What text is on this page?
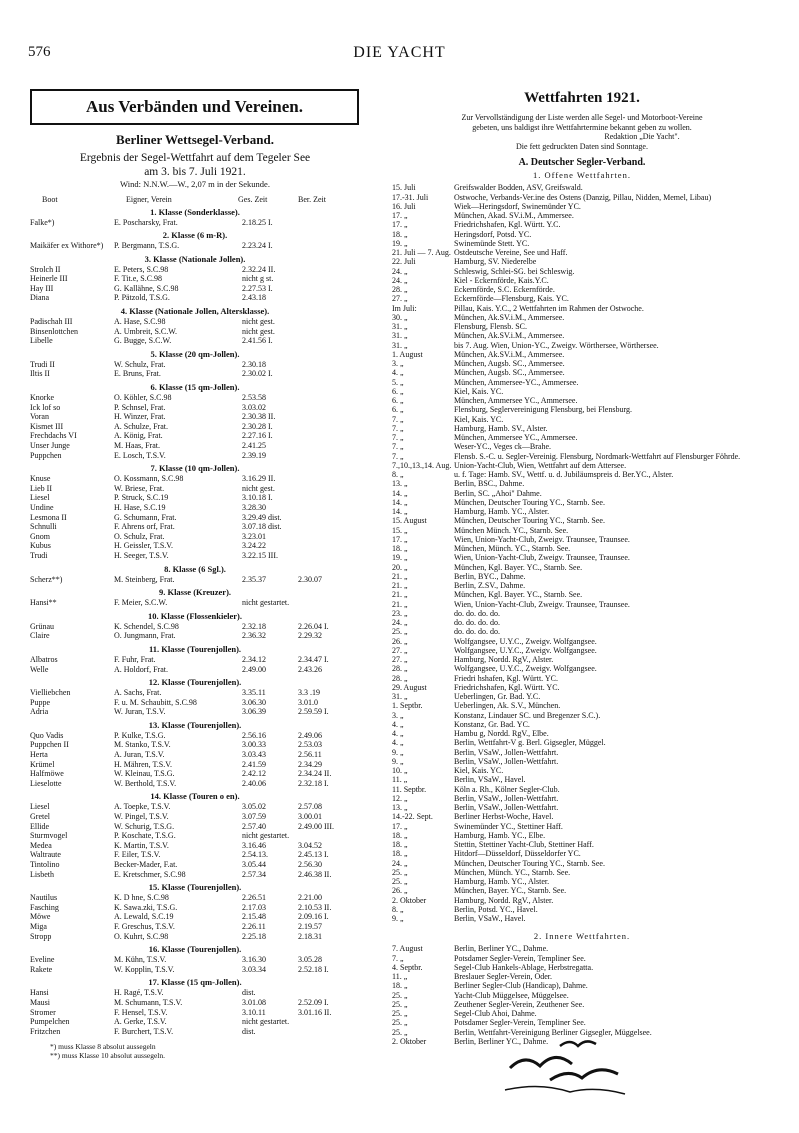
576	DIE YACHT
Aus Verbänden und Vereinen.
Berliner Wettsegel-Verband.
Ergebnis der Segel-Wettfahrt auf dem Tegeler See
am 3. bis 7. Juli 1921.
Wind: N.N.W.—W., 2,07 m in der Sekunde.
Boot	Eigner, Verein	Ges. Zeit	Ber. Zeit
1. Klasse (Sonderklasse).
Falke*)	E. Poscharsky, Frat.	2.18.25 I.
2. Klasse (6 m-R).
Maikäfer ex Withore*)	P. Bergmann, T.S.G.	2.23.24 I.
3. Klasse (Nationale Jollen).
Strolch II	E. Peters, S.C.98	2.32.24 II.
Heinerle III	F. Tit.e, S.C.98	nicht g st.
Hay III	G. Kallähne, S.C.98	2.27.53 I.
Diana	P. Pätzold, T.S.G.	2.43.18
4. Klasse (Nationale Jollen, Altersklasse).
Padischah III	A. Hase, S.C.98	nicht gest.
Binsenlottchen	A. Umbreit, S.C.W.	nicht gest.
Libelle	G. Bugge, S.C.W.	2.41.56 I.
5. Klasse (20 qm-Jollen).
Trudi II	W. Schulz, Frat.	2.30.18
Iltis II	E. Bruns, Frat.	2.30.02 I.
6. Klasse (15 qm-Jollen).
Knorke	O. Köhler, S.C.98	2.53.58
Ick lof so	P. Schnsel, Frat.	3.03.02
Voran	H. Winzer, Frat.	2.30.38 II.
Kismet III	A. Schulze, Frat.	2.30.28 I.
Frechdachs VI	A. König, Frat.	2.27.16 I.
Unser Junge	M. Haas, Frat.	2.41.25
Puppchen	E. Losch, T.S.V.	2.39.19
7. Klasse (10 qm-Jollen).
Knuse	O. Kossmann, S.C.98	3.16.29 II.
Lieb II	W. Briese, Frat.	nicht gest.
Liesel	P. Struck, S.C.19	3.10.18 I.
Undine	H. Hase, S.C.19	3.28.30
Lesmona II	G. Schumann, Frat.	3.29.49 dist.
Schnulli	F. Ahrens orf, Frat.	3.07.18 dist.
Gnom	O. Schulz, Frat.	3.23.01
Kubus	H. Geissler, T.S.V.	3.24.22
Trudi	H. Seeger, T.S.V.	3.22.15 III.
8. Klasse (6 Sgl.).
Scherz**)	M. Steinberg, Frat.	2.35.37	2.30.07
9. Klasse (Kreuzer).
Hansi**	F. Meier, S.C.W.	nicht gestartet.
10. Klasse (Flossenkieler).
Grünau	K. Schendel, S.C.98	2.32.18	2.26.04 I.
Claire	O. Jungmann, Frat.	2.36.32	2.29.32
11. Klasse (Tourenjollen).
Albatros	F. Fuhr, Frat.	2.34.12	2.34.47 I.
Welle	A. Holdorf, Frat.	2.49.00	2.43.26
12. Klasse (Tourenjollen).
Vielliebchen	A. Sachs, Frat.	3.35.11	3.3 .19
Puppe	F. u. M. Schaubitt, S.C.98	3.06.30	3.01.0
Adria	W. Juran, T.S.V.	3.06.39	2.59.59 I.
13. Klasse (Tourenjollen).
Quo Vadis	P. Kulke, T.S.G.	2.56.16	2.49.06
Puppchen II	M. Stanko, T.S.V.	3.00.33	2.53.03
Herta	A. Juran, T.S.V.	3.03.43	2.56.11
Krümel	H. Mähren, T.S.V.	2.41.59	2.34.29
Halfmöwe	W. Kleinau, T.S.G.	2.42.12	2.34.24 II.
Lieselotte	W. Berthold, T.S.V.	2.40.06	2.32.18 I.
14. Klasse (Touren o en).
Liesel	A. Toepke, T.S.V.	3.05.02	2.57.08
Gretel	W. Pingel, T.S.V.	3.07.59	3.00.01
Ellide	W. Schurig, T.S.G.	2.57.40	2.49.00 III.
Sturmvogel	P. Koschate, T.S.G.	nicht gestartet.
Medea	K. Martin, T.S.V.	3.16.46	3.04.52
Waltraute	F. Eiler, T.S.V.	2.54.13.	2.45.13 I.
Tintolino	Becker-Mader, F.at.	3.05.44	2.56.30
Lisbeth	E. Kretschmer, S.C.98	2.57.34	2.46.38 II.
15. Klasse (Tourenjollen).
Nautilus	K. D hne, S.C.98	2.26.51	2.21.00
Fasching	K. Sawa.zki, T.S.G.	2.17.03	2.10.53 II.
Möwe	A. Lewald, S.C.19	2.15.48	2.09.16 I.
Miga	F. Greschus, T.S.V.	2.26.11	2.19.57
Stropp	O. Kuhrt, S.C.98	2.25.18	2.18.31
16. Klasse (Tourenjollen).
Eveline	M. Kühn, T.S.V.	3.16.30	3.05.28
Rakete	W. Kopplin, T.S.V.	3.03.34	2.52.18 I.
17. Klasse (15 qm-Jollen).
Hansi	H. Ragé, T.S.V.	dist.
Mausi	M. Schumann, T.S.V.	3.01.08	2.52.09 I.
Stromer	F. Hensel, T.S.V.	3.10.11	3.01.16 II.
Pumpelchen	A. Gerke, T.S.V.	nicht gestartet.
Fritzchen	F. Burchert, T.S.V.	dist.
*) muss Klasse 8 absolut aussegeln
**) muss Klasse 10 absolut aussegeln.
Wettfahrten 1921.
Zur Vervollständigung der Liste werden alle Segel- und Motorboot-Vereine
gebeten, uns baldigst ihre Wettfahrtermine bekannt geben zu wollen.
Redaktion „Die Yacht".
Die fett gedruckten Daten sind Sonntage.
A. Deutscher Segler-Verband.
1. Offene Wettfahrten.
15. Juli	Greifswalder Bodden, ASV, Greifswald.
17.-31. Juli	Ostwoche, Verbands-Ver.ine des Ostens (Danzig, Pillau, Nidden, Memel, Libau)
16. Juli	Wiek—Heringsdorf, Swinemünder YC.
17. „	München, Akad. SV.i.M., Ammersee.
17. „	Friedrichshafen, Kgl. Württ. Y.C.
18. „	Heringsdorf, Potsd. YC.
19. „	Swinemünde Stett. YC.
21. Juli — 7. Aug. Ostdeutsche Vereine, See und Haff.
22. Juli	Hamburg, SV. Niederelbe
24. „	Schleswig, Schlei-SG. bei Schleswig.
24. „	Kiel - Eckernförde, Kais.Y.C.
28. „	Eckernförde, S.C. Eckernförde.
27. „	Eckernförde—Flensburg, Kais. YC.
Im Juli:	Pillau, Kais. Y.C., 2 Wettfahrten im Rahmen der Ostwoche.
30. „	München, Ak.SV.i.M., Ammersee.
31. „	Flensburg, Flensb. SC.
31. „	München, Ak.SV.i.M., Ammersee.
31. „	bis 7. Aug. Wien, Union-YC., Zweigv. Wörthersee, Wörthersee.
1. August	München, Ak.SV.i.M., Ammersee.
3. „	München, Augsb. SC., Ammersee.
4. „	München, Augsb. SC., Ammersee.
5. „	München, Ammersee-YC., Ammersee.
6. „	Kiel, Kais. YC.
6. „	München, Ammersee YC., Ammersee.
6. „	Flensburg, Seglervereinigung Flensburg, bei Flensburg.
7. „	Kiel, Kais. YC.
7. „	Hamburg, Hamb. SV., Alster.
7. „	München, Ammersee YC., Ammersee.
7. „	Weser-YC., Veges ck—Brahe.
7. „	Flensb. S.-C. u. Segler-Vereinig. Flensburg, Nordmark-Wettfahrt auf Flensburger Föhrde.
7.,10.,13.,14. Aug. Union-Yacht-Club, Wien, Wettfahrt auf dem Attersee.
8. „	u. f. Tage: Hamb. SV., Wettf. u. d. Jubiläumspreis d. Ber.YC., Alster.
13. „	Berlin, BSC., Dahme.
14. „	Berlin, SC. „Ahoi" Dahme.
14. „	München, Deutscher Touring YC., Starnb. See.
14. „	Hamburg, Hamb. YC., Alster.
15. August	München, Deutscher Touring YC., Starnb. See.
15. „	München Münch. YC., Starnb. See.
17. „	Wien, Union-Yacht-Club, Zweigv. Traunsee, Traunsee.
18. „	München, Münch. YC., Starnb. See.
19. „	Wien, Union-Yacht-Club, Zweigv. Traunsee, Traunsee.
20. „	München, Kgl. Bayer. YC., Starnb. See.
21. „	Berlin, BYC., Dahme.
21. „	Berlin, Z.SV., Dahme.
21. „	München, Kgl. Bayer. YC., Starnb. See.
21. „	Wien, Union-Yacht-Club, Zweigv. Traunsee, Traunsee.
23. „	do. do. do. do.
24. „	do. do. do. do.
25. „	do. do. do. do.
26. „	Wolfgangsee, U.Y.C., Zweigv. Wolfgangsee.
27. „	Wolfgangsee, U.Y.C., Zweigv. Wolfgangsee.
27. „	Hamburg, Nordd. RgV., Alster.
28. „	Wolfgangsee, U.Y.C., Zweigv. Wolfgangsee.
28. „	Friedri hshafen, Kgl. Württ. YC.
29. August	Friedrichshafen, Kgl. Württ. YC.
31. „	Ueberlingen, Gr. Bad. Y.C.
1. Septbr.	Ueberlingen, Ak. S.V., München.
3. „	Konstanz, Lindauer SC. und Bregenzer S.C.).
4. „	Konstanz, Gr. Bad. YC.
4. „	Hambu g, Nordd. RgV., Elbe.
4. „	Berlin, Wettfahrt-V g. Berl. Gigsegler, Müggel.
9. „	Berlin, VSaW., Jollen-Wettfahrt.
9. „	Berlin, VSaW., Jollen-Wettfahrt.
10. „	Kiel, Kais. YC.
11. „	Berlin, VSaW., Havel.
11. Septbr.	Köln a. Rh., Kölner Segler-Club.
12. „	Berlin, VSaW., Jollen-Wettfahrt.
13. „	Berlin, VSaW., Jollen-Wettfahrt.
14.-22. Sept.	Berliner Herbst-Woche, Havel.
17. „	Swinemünder YC., Stettiner Haff.
18. „	Hamburg, Hamb. YC., Elbe.
18. „	Stettin, Stettiner Yacht-Club, Stettiner Haff.
18. „	Hitdorf—Düsseldorf, Düsseldorfer YC.
24. „	München, Deutscher Touring YC., Starnb. See.
25. „	München, Münch. YC., Starnb. See.
25. „	Hamburg, Hamb. YC., Alster.
26. „	München, Bayer. YC., Starnb. See.
2. Oktober	Hamburg, Nordd. RgV., Alster.
8. „	Berlin, Potsd. YC., Havel.
9. „	Berlin, VSaW., Havel.
2. Innere Wettfahrten.
7. August	Berlin, Berliner YC., Dahme.
7. „	Potsdamer Segler-Verein, Templiner See.
4. Septbr.	Segel-Club Hankels-Ablage, Herbstregatta.
11. „	Breslauer Segler-Verein, Oder.
18. „	Berliner Segler-Club (Handicap), Dahme.
25. „	Yacht-Club Müggelsee, Müggelsee.
25. „	Zeuthener Segler-Verein, Zeuthener See.
25. „	Segel-Club Ahoi, Dahme.
25. „	Potsdamer Segler-Verein, Templiner See.
25. „	Berlin, Wettfahrt-Vereinigung Berliner Gigsegler, Müggelsee.
2. Oktober	Berlin, Berliner YC., Dahme.
